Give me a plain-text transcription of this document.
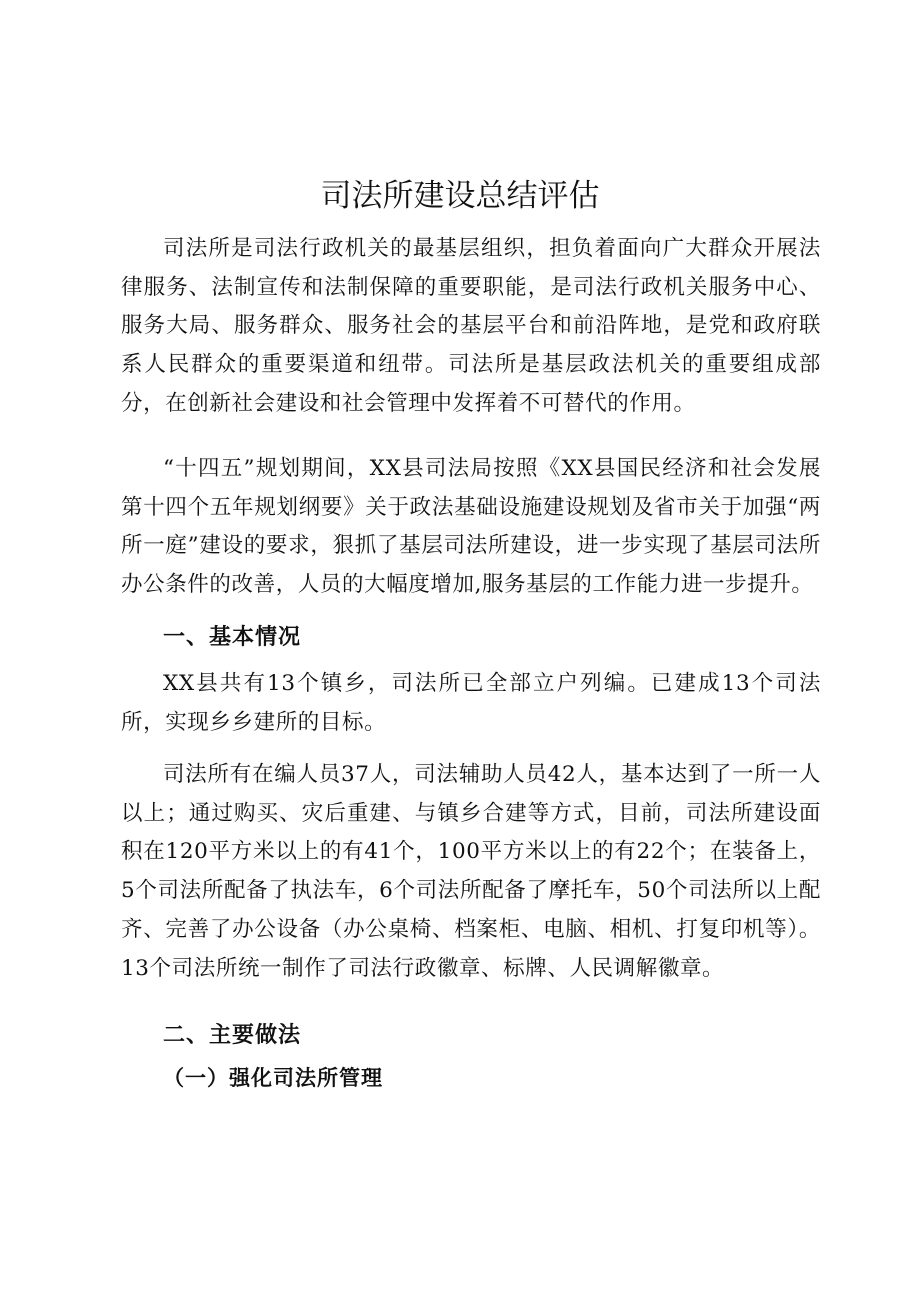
司法所建设总结评估

司法所是司法行政机关的最基层组织，担负着面向广大群众开展法律服务、法制宣传和法制保障的重要职能，是司法行政机关服务中心、服务大局、服务群众、服务社会的基层平台和前沿阵地，是党和政府联系人民群众的重要渠道和纽带。司法所是基层政法机关的重要组成部分，在创新社会建设和社会管理中发挥着不可替代的作用。

“十四五”规划期间，XX县司法局按照《XX县国民经济和社会发展第十四个五年规划纲要》关于政法基础设施建设规划及省市关于加强“两所一庭”建设的要求，狠抓了基层司法所建设，进一步实现了基层司法所办公条件的改善，人员的大幅度增加,服务基层的工作能力进一步提升。

一、基本情况

XX县共有13个镇乡，司法所已全部立户列编。已建成13个司法所，实现乡乡建所的目标。

司法所有在编人员37人，司法辅助人员42人，基本达到了一所一人以上；通过购买、灾后重建、与镇乡合建等方式，目前，司法所建设面积在120平方米以上的有41个，100平方米以上的有22个；在装备上，5个司法所配备了执法车，6个司法所配备了摩托车，50个司法所以上配齐、完善了办公设备（办公桌椅、档案柜、电脑、相机、打复印机等）。13个司法所统一制作了司法行政徽章、标牌、人民调解徽章。

二、主要做法
（一）强化司法所管理
